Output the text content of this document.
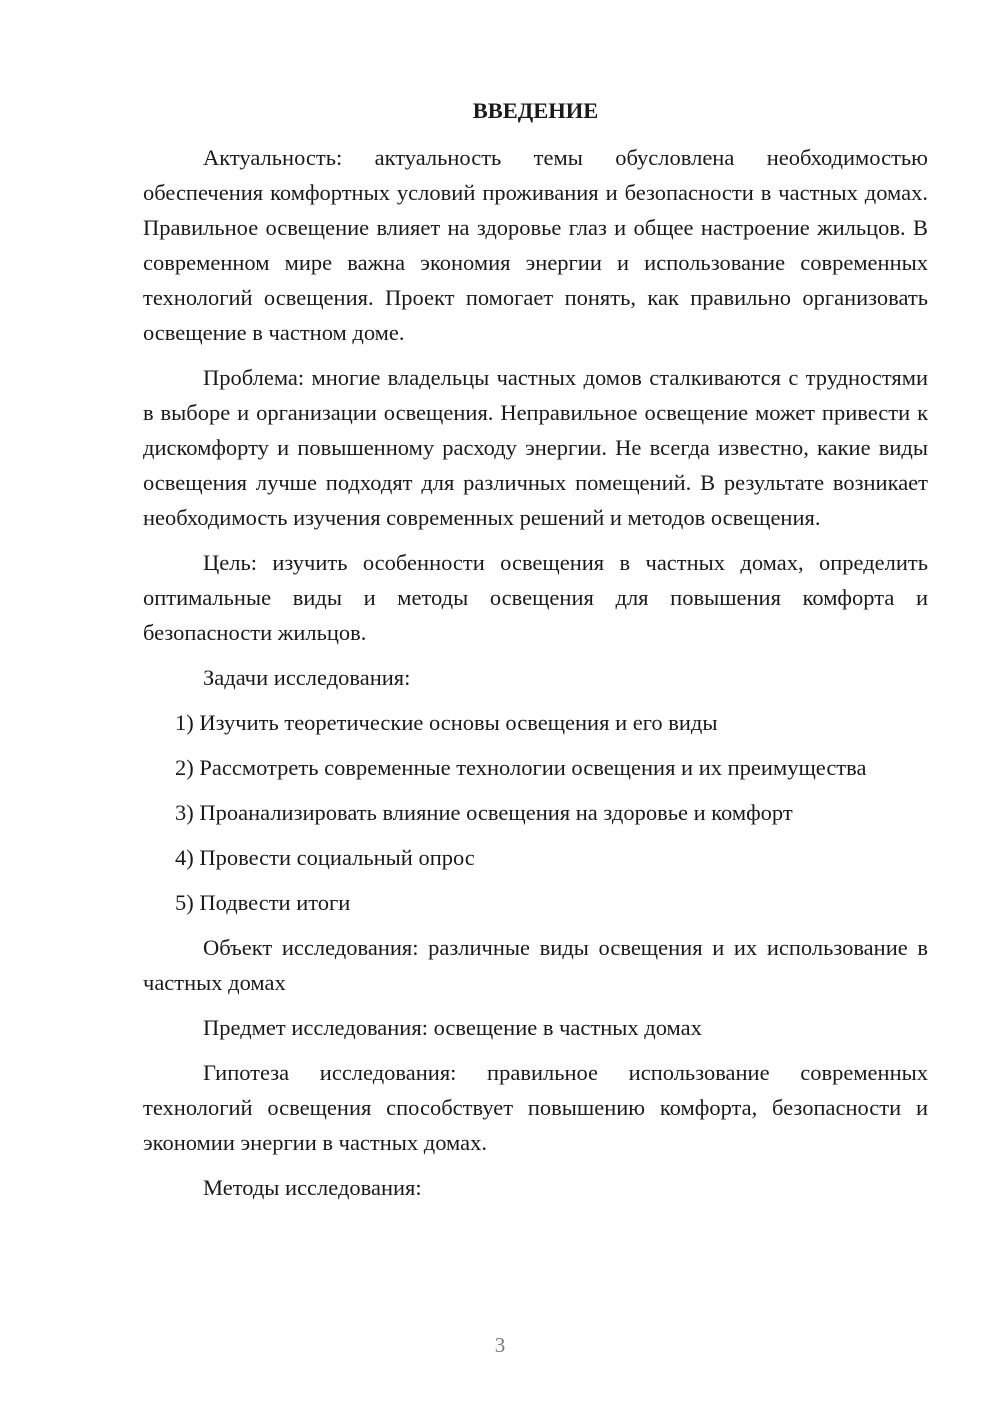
ВВЕДЕНИЕ

Актуальность: актуальность темы обусловлена необходимостью обеспечения комфортных условий проживания и безопасности в частных домах. Правильное освещение влияет на здоровье глаз и общее настроение жильцов. В современном мире важна экономия энергии и использование современных технологий освещения. Проект помогает понять, как правильно организовать освещение в частном доме.

Проблема: многие владельцы частных домов сталкиваются с трудностями в выборе и организации освещения. Неправильное освещение может привести к дискомфорту и повышенному расходу энергии. Не всегда известно, какие виды освещения лучше подходят для различных помещений. В результате возникает необходимость изучения современных решений и методов освещения.

Цель: изучить особенности освещения в частных домах, определить оптимальные виды и методы освещения для повышения комфорта и безопасности жильцов.

Задачи исследования:

1) Изучить теоретические основы освещения и его виды

2) Рассмотреть современные технологии освещения и их преимущества

3) Проанализировать влияние освещения на здоровье и комфорт

4) Провести социальный опрос

5) Подвести итоги

Объект исследования: различные виды освещения и их использование в частных домах

Предмет исследования: освещение в частных домах

Гипотеза исследования: правильное использование современных технологий освещения способствует повышению комфорта, безопасности и экономии энергии в частных домах.

Методы исследования:

3
